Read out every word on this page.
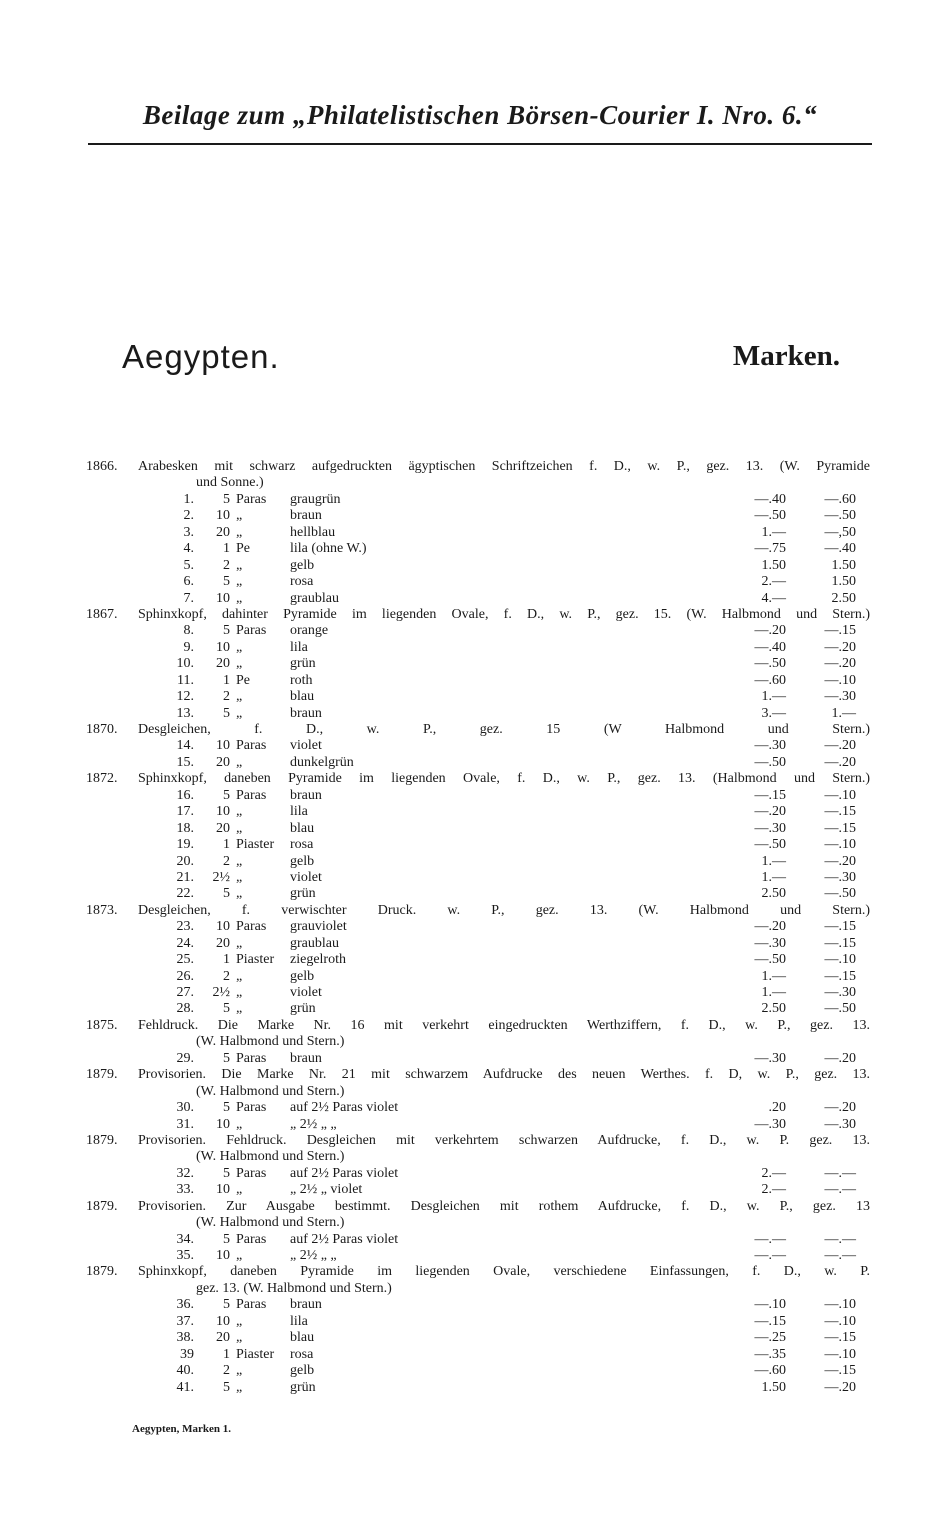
Beilage zum „Philatelistischen Börsen-Courier I. Nro. 6.“
Aegypten.	Marken.
1866. Arabesken mit schwarz aufgedruckten ägyptischen Schriftzeichen f. D., w. P., gez. 13. (W. Pyramide
und Sonne.)
1.	5 Paras graugrün	—.40	—.60
2.	10 „	braun	—.50	—.50
3.	20 „	hellblau	1.—	—,50
4.	1 Pe	lila (ohne W.)	—.75	—.40
5.	2 „	gelb	1.50	1.50
6.	5 „	rosa	2.—	1.50
7.	10 „	graublau	4.—	2.50
1867. Sphinxkopf, dahinter Pyramide im liegenden Ovale, f. D., w. P., gez. 15. (W. Halbmond und Stern.)
8.	5 Paras orange	—.20	—.15
9.	10 „	lila	—.40	—.20
10.	20 „	grün	—.50	—.20
11.	1 Pe	roth	—.60	—.10
12.	2 „	blau	1.—	—.30
13.	5 „	braun	3.—	1.—
1870. Desgleichen, f. D., w. P., gez. 15 (W Halbmond und Stern.)
14.	10 Paras violet	—.30	—.20
15.	20 „	dunkelgrün	—.50	—.20
1872. Sphinxkopf, daneben Pyramide im liegenden Ovale, f. D., w. P., gez. 13. (Halbmond und Stern.)
16.	5 Paras braun	—.15	—.10
17.	10 „	lila	—.20	—.15
18.	20 „	blau	—.30	—.15
19.	1 Piaster rosa	—.50	—.10
20.	2 „	gelb	1.—	—.20
21.	2½ „	violet	1.—	—.30
22.	5 „	grün	2.50	—.50
1873. Desgleichen, f. verwischter Druck. w. P., gez. 13. (W. Halbmond und Stern.)
23.	10 Paras grauviolet	—.20	—.15
24.	20 „	graublau	—.30	—.15
25.	1 Piaster ziegelroth	—.50	—.10
26.	2 „	gelb	1.—	—.15
27.	2½ „	violet	1.—	—.30
28.	5 „	grün	2.50	—.50
1875. Fehldruck. Die Marke Nr. 16 mit verkehrt eingedruckten Werthziffern, f. D., w. P., gez. 13.
(W. Halbmond und Stern.)
29.	5 Paras braun	—.30	—.20
1879. Provisorien. Die Marke Nr. 21 mit schwarzem Aufdrucke des neuen Werthes. f. D, w. P., gez. 13.
(W. Halbmond und Stern.)
30.	5 Paras auf 2½ Paras violet	.20	—.20
31.	10 „	„ 2½ „ „	—.30	—.30
1879. Provisorien. Fehldruck. Desgleichen mit verkehrtem schwarzen Aufdrucke, f. D., w. P. gez. 13.
(W. Halbmond und Stern.)
32.	5 Paras auf 2½ Paras violet	2.—	—.—
33.	10 „	„ 2½ „ violet	2.—	—.—
1879. Provisorien. Zur Ausgabe bestimmt. Desgleichen mit rothem Aufdrucke, f. D., w. P., gez. 13
(W. Halbmond und Stern.)
34.	5 Paras auf 2½ Paras violet	—.—	—.—
35.	10 „	„ 2½ „ „	—.—	—.—
1879. Sphinxkopf, daneben Pyramide im liegenden Ovale, verschiedene Einfassungen, f. D., w. P.
gez. 13. (W. Halbmond und Stern.)
36.	5 Paras braun	—.10	—.10
37.	10 „	lila	—.15	—.10
38.	20 „	blau	—.25	—.15
39	1 Piaster rosa	—.35	—.10
40.	2 „	gelb	—.60	—.15
41.	5 „	grün	1.50	—.20
Aegypten, Marken 1.
